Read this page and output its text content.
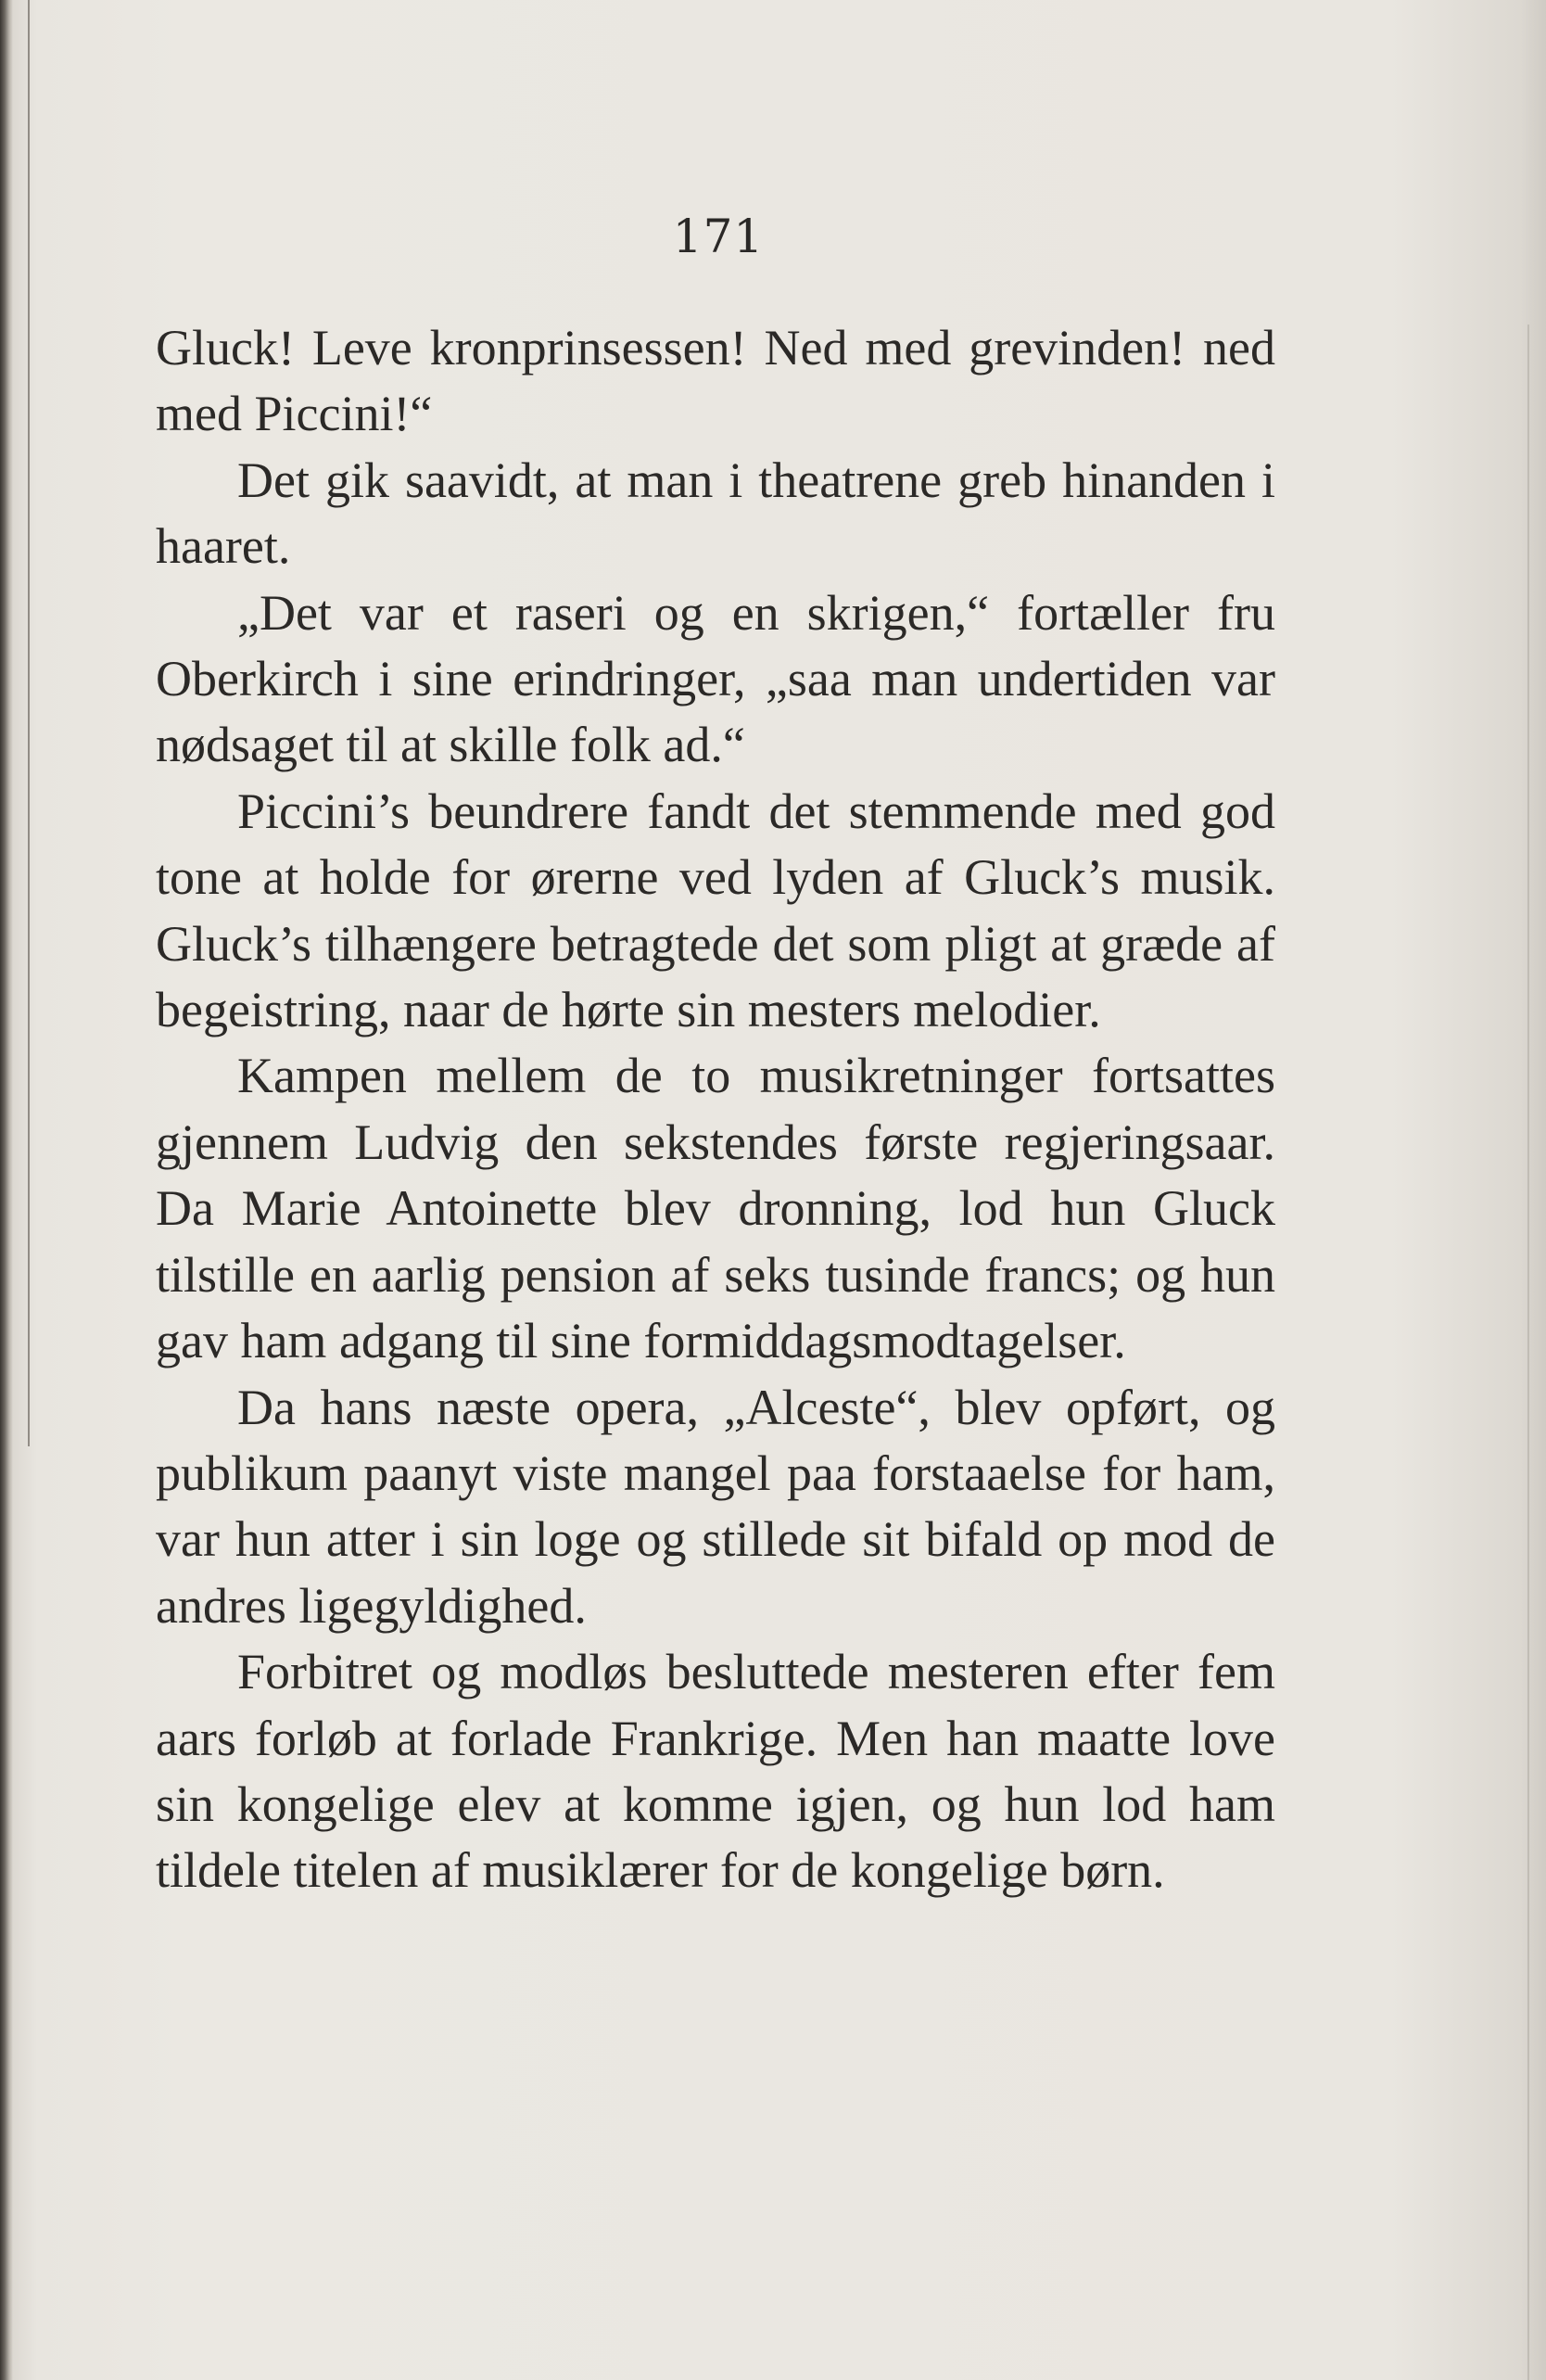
171

Gluck! Leve kronprinsessen! Ned med grevinden! ned med Piccini!“

Det gik saavidt, at man i theatrene greb hinanden i haaret.

„Det var et raseri og en skrigen,“ fortæller fru Oberkirch i sine erindringer, „saa man undertiden var nødsaget til at skille folk ad.“

Piccini’s beundrere fandt det stemmende med god tone at holde for ørerne ved lyden af Gluck’s musik. Gluck’s tilhængere betragtede det som pligt at græde af begeistring, naar de hørte sin mesters melodier.

Kampen mellem de to musikretninger fortsattes gjennem Ludvig den sekstendes første regjeringsaar. Da Marie Antoinette blev dronning, lod hun Gluck tilstille en aarlig pension af seks tusinde francs; og hun gav ham adgang til sine formiddagsmodtagelser.

Da hans næste opera, „Alceste“, blev opført, og publikum paanyt viste mangel paa forstaaelse for ham, var hun atter i sin loge og stillede sit bifald op mod de andres ligegyldighed.

Forbitret og modløs besluttede mesteren efter fem aars forløb at forlade Frankrige. Men han maatte love sin kongelige elev at komme igjen, og hun lod ham tildele titelen af musiklærer for de kongelige børn.
